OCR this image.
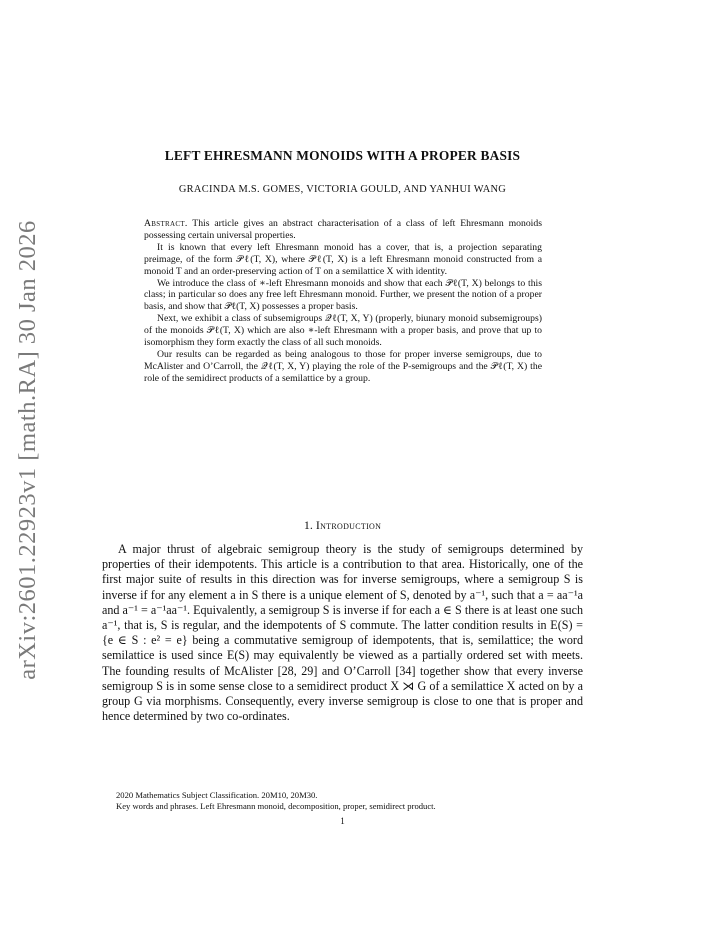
arXiv:2601.22923v1 [math.RA] 30 Jan 2026
LEFT EHRESMANN MONOIDS WITH A PROPER BASIS
GRACINDA M.S. GOMES, VICTORIA GOULD, AND YANHUI WANG

Abstract. This article gives an abstract characterisation of a class of left Ehresmann monoids possessing certain universal properties.

It is known that every left Ehresmann monoid has a cover, that is, a projection separating preimage, of the form 𝒫ℓ(T, X), where 𝒫ℓ(T, X) is a left Ehresmann monoid constructed from a monoid T and an order-preserving action of T on a semilattice X with identity.

We introduce the class of ∗-left Ehresmann monoids and show that each 𝒫ℓ(T, X) belongs to this class; in particular so does any free left Ehresmann monoid. Further, we present the notion of a proper basis, and show that 𝒫ℓ(T, X) possesses a proper basis.

Next, we exhibit a class of subsemigroups 𝒬ℓ(T, X, Y) (properly, biunary monoid subsemigroups) of the monoids 𝒫ℓ(T, X) which are also ∗-left Ehresmann with a proper basis, and prove that up to isomorphism they form exactly the class of all such monoids.

Our results can be regarded as being analogous to those for proper inverse semigroups, due to McAlister and O’Carroll, the 𝒬ℓ(T, X, Y) playing the role of the P-semigroups and the 𝒫ℓ(T, X) the role of the semidirect products of a semilattice by a group.

1. Introduction

A major thrust of algebraic semigroup theory is the study of semigroups determined by properties of their idempotents. This article is a contribution to that area. Historically, one of the first major suite of results in this direction was for inverse semigroups, where a semigroup S is inverse if for any element a in S there is a unique element of S, denoted by a⁻¹, such that a = aa⁻¹a and a⁻¹ = a⁻¹aa⁻¹. Equivalently, a semigroup S is inverse if for each a ∈ S there is at least one such a⁻¹, that is, S is regular, and the idempotents of S commute. The latter condition results in E(S) = {e ∈ S : e² = e} being a commutative semigroup of idempotents, that is, semilattice; the word semilattice is used since E(S) may equivalently be viewed as a partially ordered set with meets. The founding results of McAlister [28, 29] and O’Carroll [34] together show that every inverse semigroup S is in some sense close to a semidirect product X ⋊ G of a semilattice X acted on by a group G via morphisms. Consequently, every inverse semigroup is close to one that is proper and hence determined by two co-ordinates.

2020 Mathematics Subject Classification. 20M10, 20M30.

Key words and phrases. Left Ehresmann monoid, decomposition, proper, semidirect product.

1
